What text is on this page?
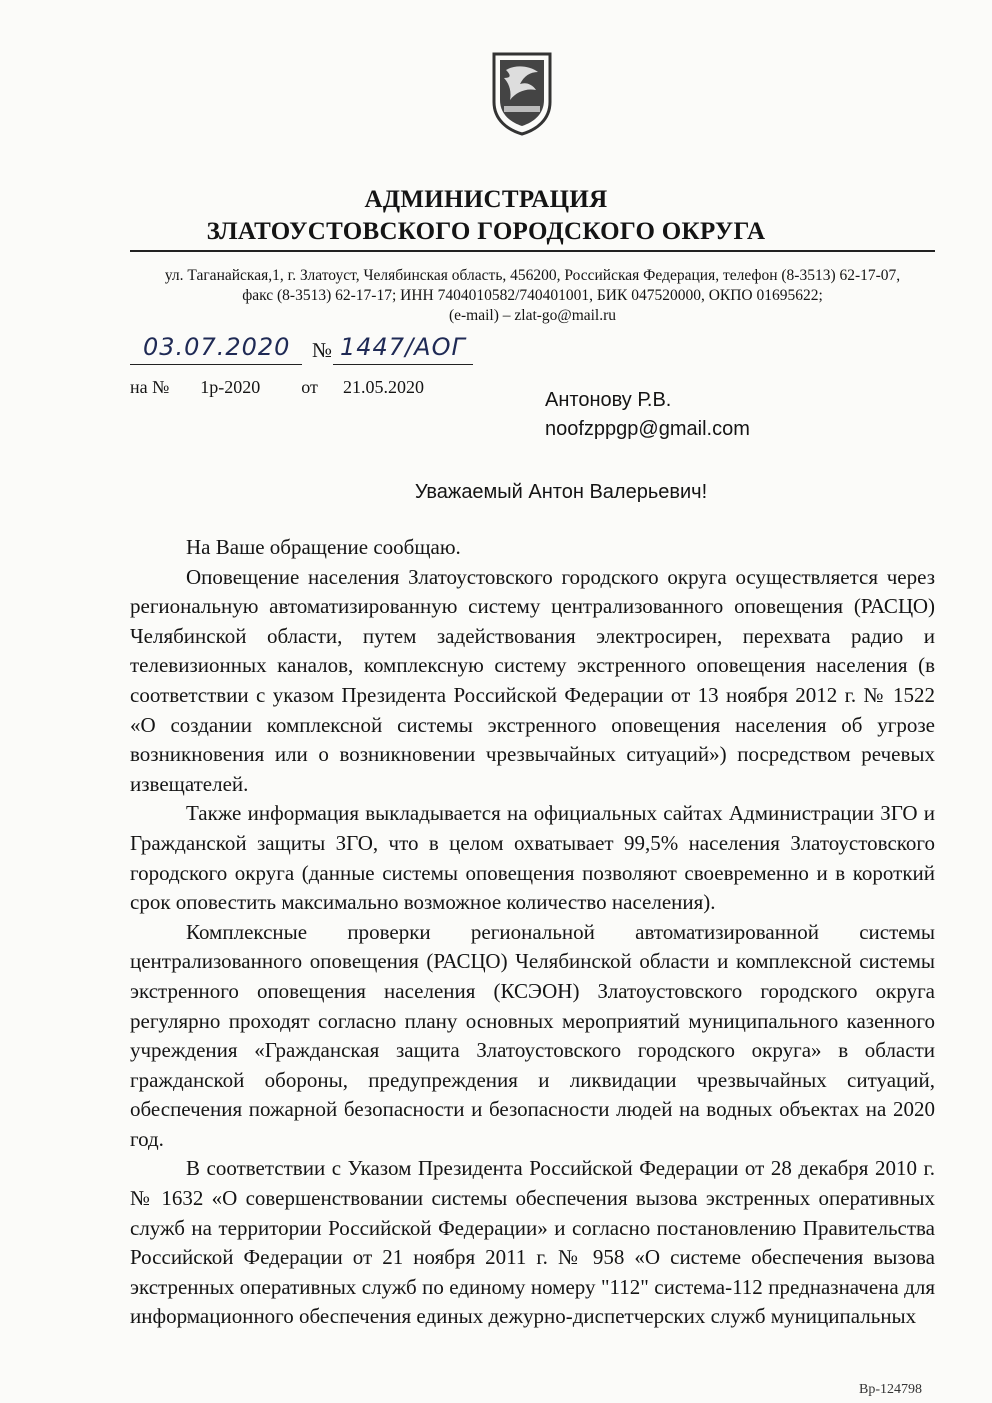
АДМИНИСТРАЦИЯ
ЗЛАТОУСТОВСКОГО ГОРОДСКОГО ОКРУГА
ул. Таганайская,1, г. Златоуст, Челябинская область, 456200, Российская Федерация, телефон (8-3513) 62-17-07,
факс (8-3513) 62-17-17; ИНН 7404010582/740401001, БИК 047520000, ОКПО 01695622;
(e-mail) – zlat-go@mail.ru
03.07.2020 № 1447/АОГ
на № 1р-2020 от 21.05.2020
Антонову Р.В.
noofzppgp@gmail.com
Уважаемый Антон Валерьевич!

На Ваше обращение сообщаю.

Оповещение населения Златоустовского городского округа осуществляется через региональную автоматизированную систему централизованного оповещения (РАСЦО) Челябинской области, путем задействования электросирен, перехвата радио и телевизионных каналов, комплексную систему экстренного оповещения населения (в соответствии с указом Президента Российской Федерации от 13 ноября 2012 г. № 1522 «О создании комплексной системы экстренного оповещения населения об угрозе возникновения или о возникновении чрезвычайных ситуаций») посредством речевых извещателей.

Также информация выкладывается на официальных сайтах Администрации ЗГО и Гражданской защиты ЗГО, что в целом охватывает 99,5% населения Златоустовского городского округа (данные системы оповещения позволяют своевременно и в короткий срок оповестить максимально возможное количество населения).

Комплексные проверки региональной автоматизированной системы централизованного оповещения (РАСЦО) Челябинской области и комплексной системы экстренного оповещения населения (КСЭОН) Златоустовского городского округа регулярно проходят согласно плану основных мероприятий муниципального казенного учреждения «Гражданская защита Златоустовского городского округа» в области гражданской обороны, предупреждения и ликвидации чрезвычайных ситуаций, обеспечения пожарной безопасности и безопасности людей на водных объектах на 2020 год.

В соответствии с Указом Президента Российской Федерации от 28 декабря 2010 г. № 1632 «О совершенствовании системы обеспечения вызова экстренных оперативных служб на территории Российской Федерации» и согласно постановлению Правительства Российской Федерации от 21 ноября 2011 г. № 958 «О системе обеспечения вызова экстренных оперативных служб по единому номеру "112" система-112 предназначена для информационного обеспечения единых дежурно-диспетчерских служб муниципальных

Вр-124798
